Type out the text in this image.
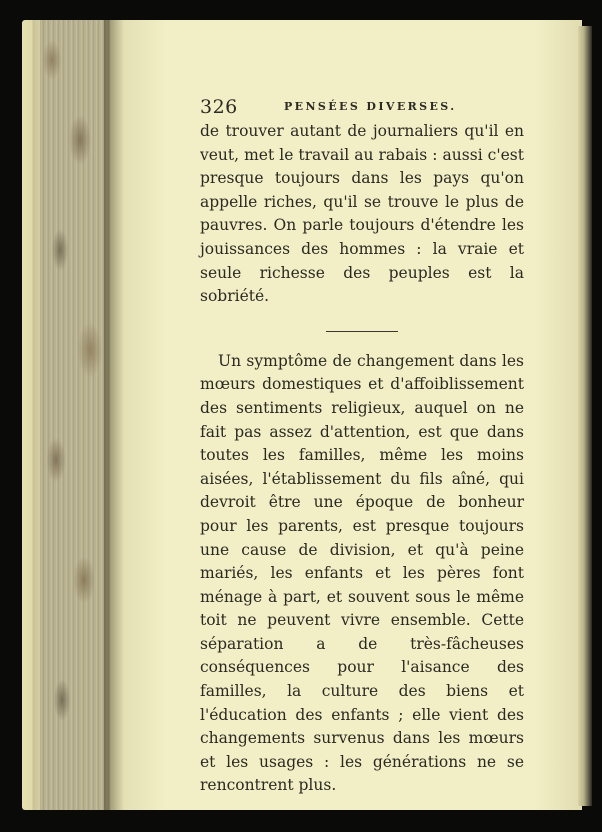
326	PENSÉES DIVERSES.

de trouver autant de journaliers qu'il en veut, met le travail au rabais : aussi c'est presque toujours dans les pays qu'on appelle riches, qu'il se trouve le plus de pauvres. On parle toujours d'étendre les jouissances des hommes : la vraie et seule richesse des peuples est la sobriété.

Un symptôme de changement dans les mœurs domestiques et d'affoiblissement des sentiments religieux, auquel on ne fait pas assez d'attention, est que dans toutes les familles, même les moins aisées, l'établissement du fils aîné, qui devroit être une époque de bonheur pour les parents, est presque toujours une cause de division, et qu'à peine mariés, les enfants et les pères font ménage à part, et souvent sous le même toit ne peuvent vivre ensemble. Cette séparation a de très-fâcheuses conséquences pour l'aisance des familles, la culture des biens et l'éducation des enfants ; elle vient des changements survenus dans les mœurs et les usages : les générations ne se rencontrent plus.
